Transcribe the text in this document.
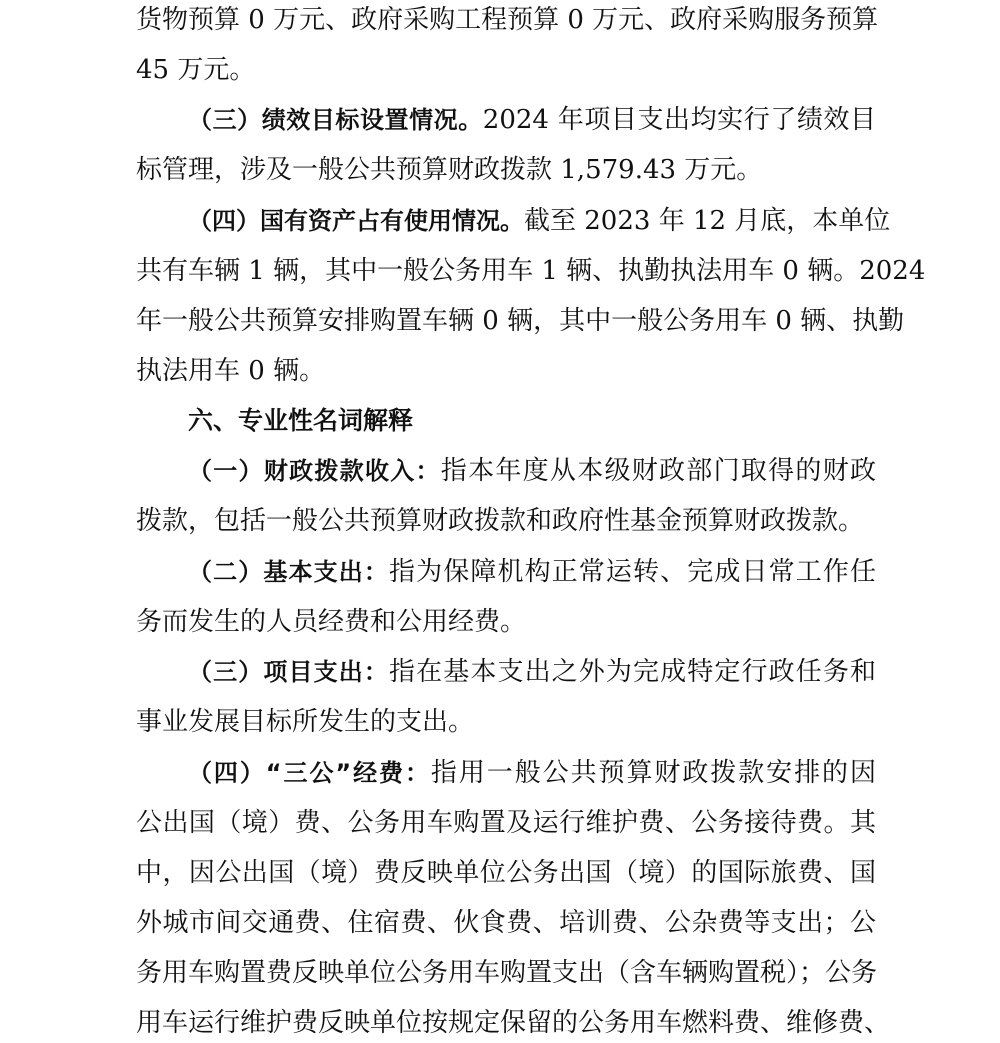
货物预算 0 万元、政府采购工程预算 0 万元、政府采购服务预算
45 万元。
（三）绩效目标设置情况。2024 年项目支出均实行了绩效目
标管理，涉及一般公共预算财政拨款 1,579.43 万元。
（四）国有资产占有使用情况。截至 2023 年 12 月底，本单位
共有车辆 1 辆，其中一般公务用车 1 辆、执勤执法用车 0 辆。2024
年一般公共预算安排购置车辆 0 辆，其中一般公务用车 0 辆、执勤
执法用车 0 辆。
六、专业性名词解释
（一）财政拨款收入：指本年度从本级财政部门取得的财政
拨款，包括一般公共预算财政拨款和政府性基金预算财政拨款。
（二）基本支出：指为保障机构正常运转、完成日常工作任
务而发生的人员经费和公用经费。
（三）项目支出：指在基本支出之外为完成特定行政任务和
事业发展目标所发生的支出。
（四）“三公”经费：指用一般公共预算财政拨款安排的因
公出国（境）费、公务用车购置及运行维护费、公务接待费。其
中，因公出国（境）费反映单位公务出国（境）的国际旅费、国
外城市间交通费、住宿费、伙食费、培训费、公杂费等支出；公
务用车购置费反映单位公务用车购置支出（含车辆购置税）；公务
用车运行维护费反映单位按规定保留的公务用车燃料费、维修费、
